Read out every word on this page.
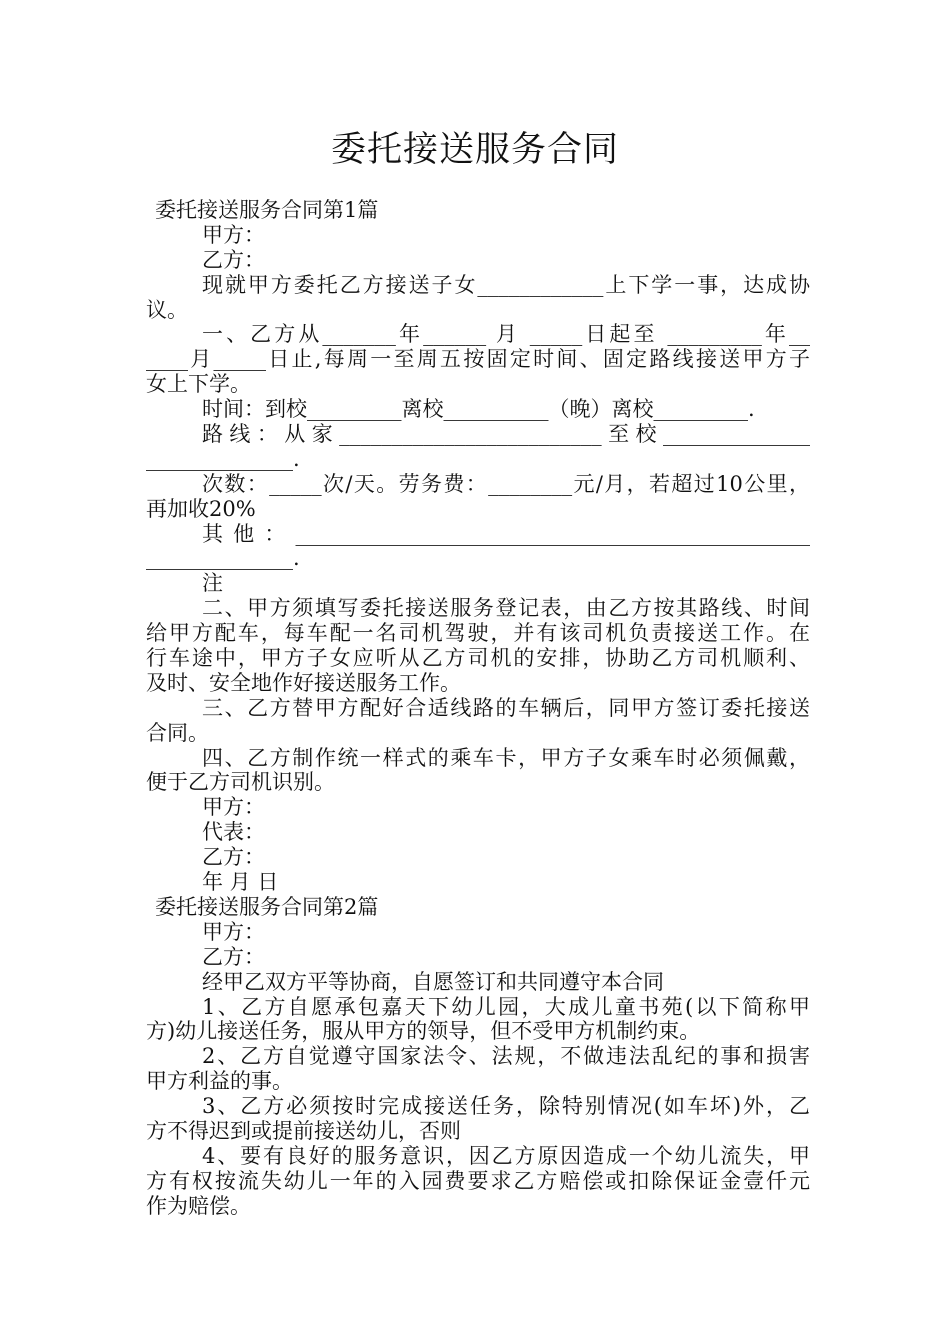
委托接送服务合同
委托接送服务合同第1篇
甲方：
乙方：
现就甲方委托乙方接送子女____________上下学一事，达成协
议。
一、乙方从_______年______ 月 _____日起至 _________年__
____月_____日止,每周一至周五按固定时间、固定路线接送甲方子
女上下学。
时间：到校_________离校__________（晚）离校_________.
路线：从家_________________________至校______________
______________.
次数：_____次/天。劳务费：________元/月，若超过10公里，
再加收20%
其他：_________________________________________________
______________.
注
二、甲方须填写委托接送服务登记表，由乙方按其路线、时间
给甲方配车，每车配一名司机驾驶，并有该司机负责接送工作。在
行车途中，甲方子女应听从乙方司机的安排，协助乙方司机顺利、
及时、安全地作好接送服务工作。
三、乙方替甲方配好合适线路的车辆后，同甲方签订委托接送
合同。
四、乙方制作统一样式的乘车卡，甲方子女乘车时必须佩戴，
便于乙方司机识别。
甲方：
代表：
乙方：
年 月 日
委托接送服务合同第2篇
甲方：
乙方：
经甲乙双方平等协商，自愿签订和共同遵守本合同
1、乙方自愿承包嘉天下幼儿园，大成儿童书苑(以下简称甲
方)幼儿接送任务，服从甲方的领导，但不受甲方机制约束。
2、乙方自觉遵守国家法令、法规，不做违法乱纪的事和损害
甲方利益的事。
3、乙方必须按时完成接送任务，除特别情况(如车坏)外，乙
方不得迟到或提前接送幼儿，否则
4、要有良好的服务意识，因乙方原因造成一个幼儿流失，甲
方有权按流失幼儿一年的入园费要求乙方赔偿或扣除保证金壹仟元
作为赔偿。
